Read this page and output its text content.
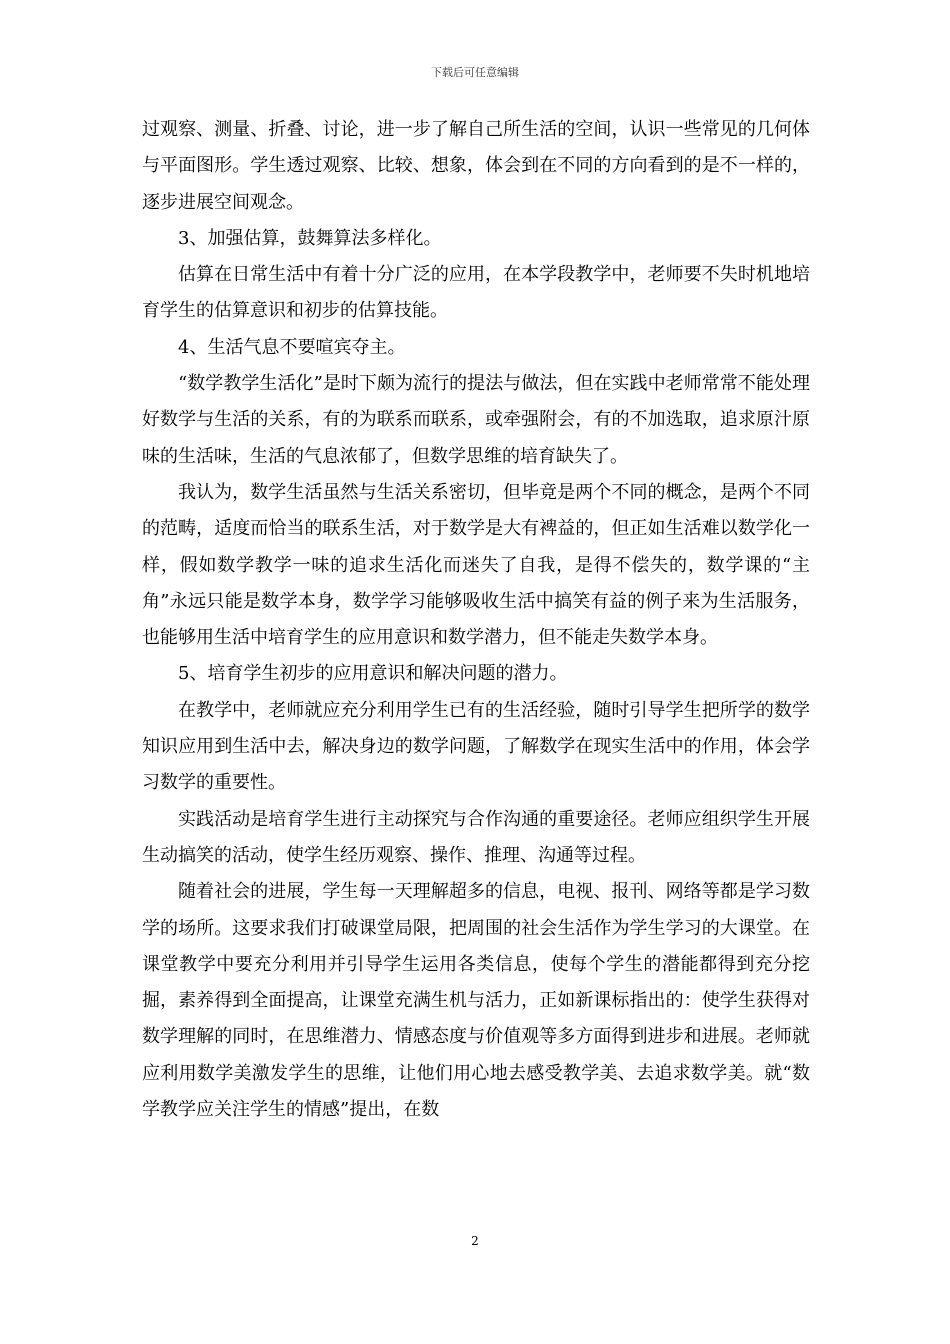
下载后可任意编辑

过观察、测量、折叠、讨论，进一步了解自己所生活的空间，认识一些常见的几何体与平面图形。学生透过观察、比较、想象，体会到在不同的方向看到的是不一样的，逐步进展空间观念。

3、加强估算，鼓舞算法多样化。

估算在日常生活中有着十分广泛的应用，在本学段教学中，老师要不失时机地培育学生的估算意识和初步的估算技能。

4、生活气息不要喧宾夺主。

“数学教学生活化”是时下颇为流行的提法与做法，但在实践中老师常常不能处理好数学与生活的关系，有的为联系而联系，或牵强附会，有的不加选取，追求原汁原味的生活味，生活的气息浓郁了，但数学思维的培育缺失了。

我认为，数学生活虽然与生活关系密切，但毕竟是两个不同的概念，是两个不同的范畴，适度而恰当的联系生活，对于数学是大有裨益的，但正如生活难以数学化一样，假如数学教学一味的追求生活化而迷失了自我，是得不偿失的，数学课的“主角”永远只能是数学本身，数学学习能够吸收生活中搞笑有益的例子来为生活服务，也能够用生活中培育学生的应用意识和数学潜力，但不能走失数学本身。

5、培育学生初步的应用意识和解决问题的潜力。

在教学中，老师就应充分利用学生已有的生活经验，随时引导学生把所学的数学知识应用到生活中去，解决身边的数学问题，了解数学在现实生活中的作用，体会学习数学的重要性。

实践活动是培育学生进行主动探究与合作沟通的重要途径。老师应组织学生开展生动搞笑的活动，使学生经历观察、操作、推理、沟通等过程。

随着社会的进展，学生每一天理解超多的信息，电视、报刊、网络等都是学习数学的场所。这要求我们打破课堂局限，把周围的社会生活作为学生学习的大课堂。在课堂教学中要充分利用并引导学生运用各类信息，使每个学生的潜能都得到充分挖掘，素养得到全面提高，让课堂充满生机与活力，正如新课标指出的：使学生获得对数学理解的同时，在思维潜力、情感态度与价值观等多方面得到进步和进展。老师就应利用数学美激发学生的思维，让他们用心地去感受教学美、去追求数学美。就“数学教学应关注学生的情感”提出，在数

2
